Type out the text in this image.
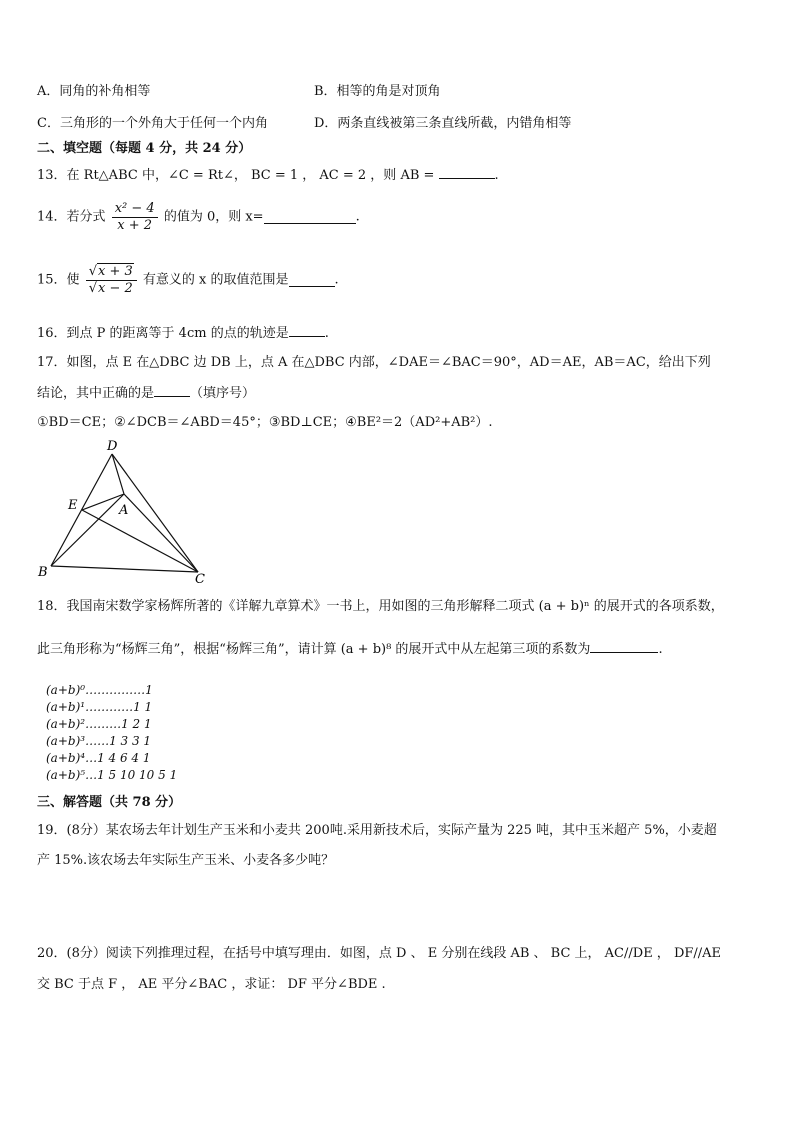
A．同角的补角相等	B．相等的角是对顶角
C．三角形的一个外角大于任何一个内角	D．两条直线被第三条直线所截，内错角相等
二、填空题（每题 4 分，共 24 分）
13．在 Rt△ABC 中，∠C = Rt∠， BC = 1 ， AC = 2 ，则 AB =	.
14．若分式 $\frac{\text{x² − 4}}{x + 2}$ 的值为 0，则 x=	.
15．使 $\frac{√x + 3}{√x - 2}$ 有意义的 x 的取值范围是	.
16．到点 P 的距离等于 4cm 的点的轨迹是	.
17．如图，点 E 在△DBC 边 DB 上，点 A 在△DBC 内部，∠DAE＝∠BAC＝90°，AD＝AE，AB＝AC，给出下列
结论，其中正确的是	（填序号）
①BD＝CE；②∠DCB＝∠ABD＝45°；③BD⊥CE；④BE²＝2（AD²+AB²）.
D
E	A
B	C
18．我国南宋数学家杨辉所著的《详解九章算术》一书上，用如图的三角形解释二项式 (a + b)ⁿ 的展开式的各项系数，
此三角形称为“杨辉三角”，根据“杨辉三角”，请计算 (a + b)⁸ 的展开式中从左起第三项的系数为	.
(a+b)⁰……………1
(a+b)¹…………1 1
(a+b)²………1 2 1
(a+b)³……1 3 3 1
(a+b)⁴…1 4 6 4 1
(a+b)⁵…1 5 10 10 5 1
三、解答题（共 78 分）
19．(8分）某农场去年计划生产玉米和小麦共 200吨.采用新技术后，实际产量为 225 吨，其中玉米超产 5%，小麦超
产 15%.该农场去年实际生产玉米、小麦各多少吨？
20．(8分）阅读下列推理过程，在括号中填写理由．如图，点 D 、 E 分别在线段 AB 、 BC 上， AC//DE ， DF//AE
交 BC 于点 F ， AE 平分∠BAC ，求证： DF 平分∠BDE .
